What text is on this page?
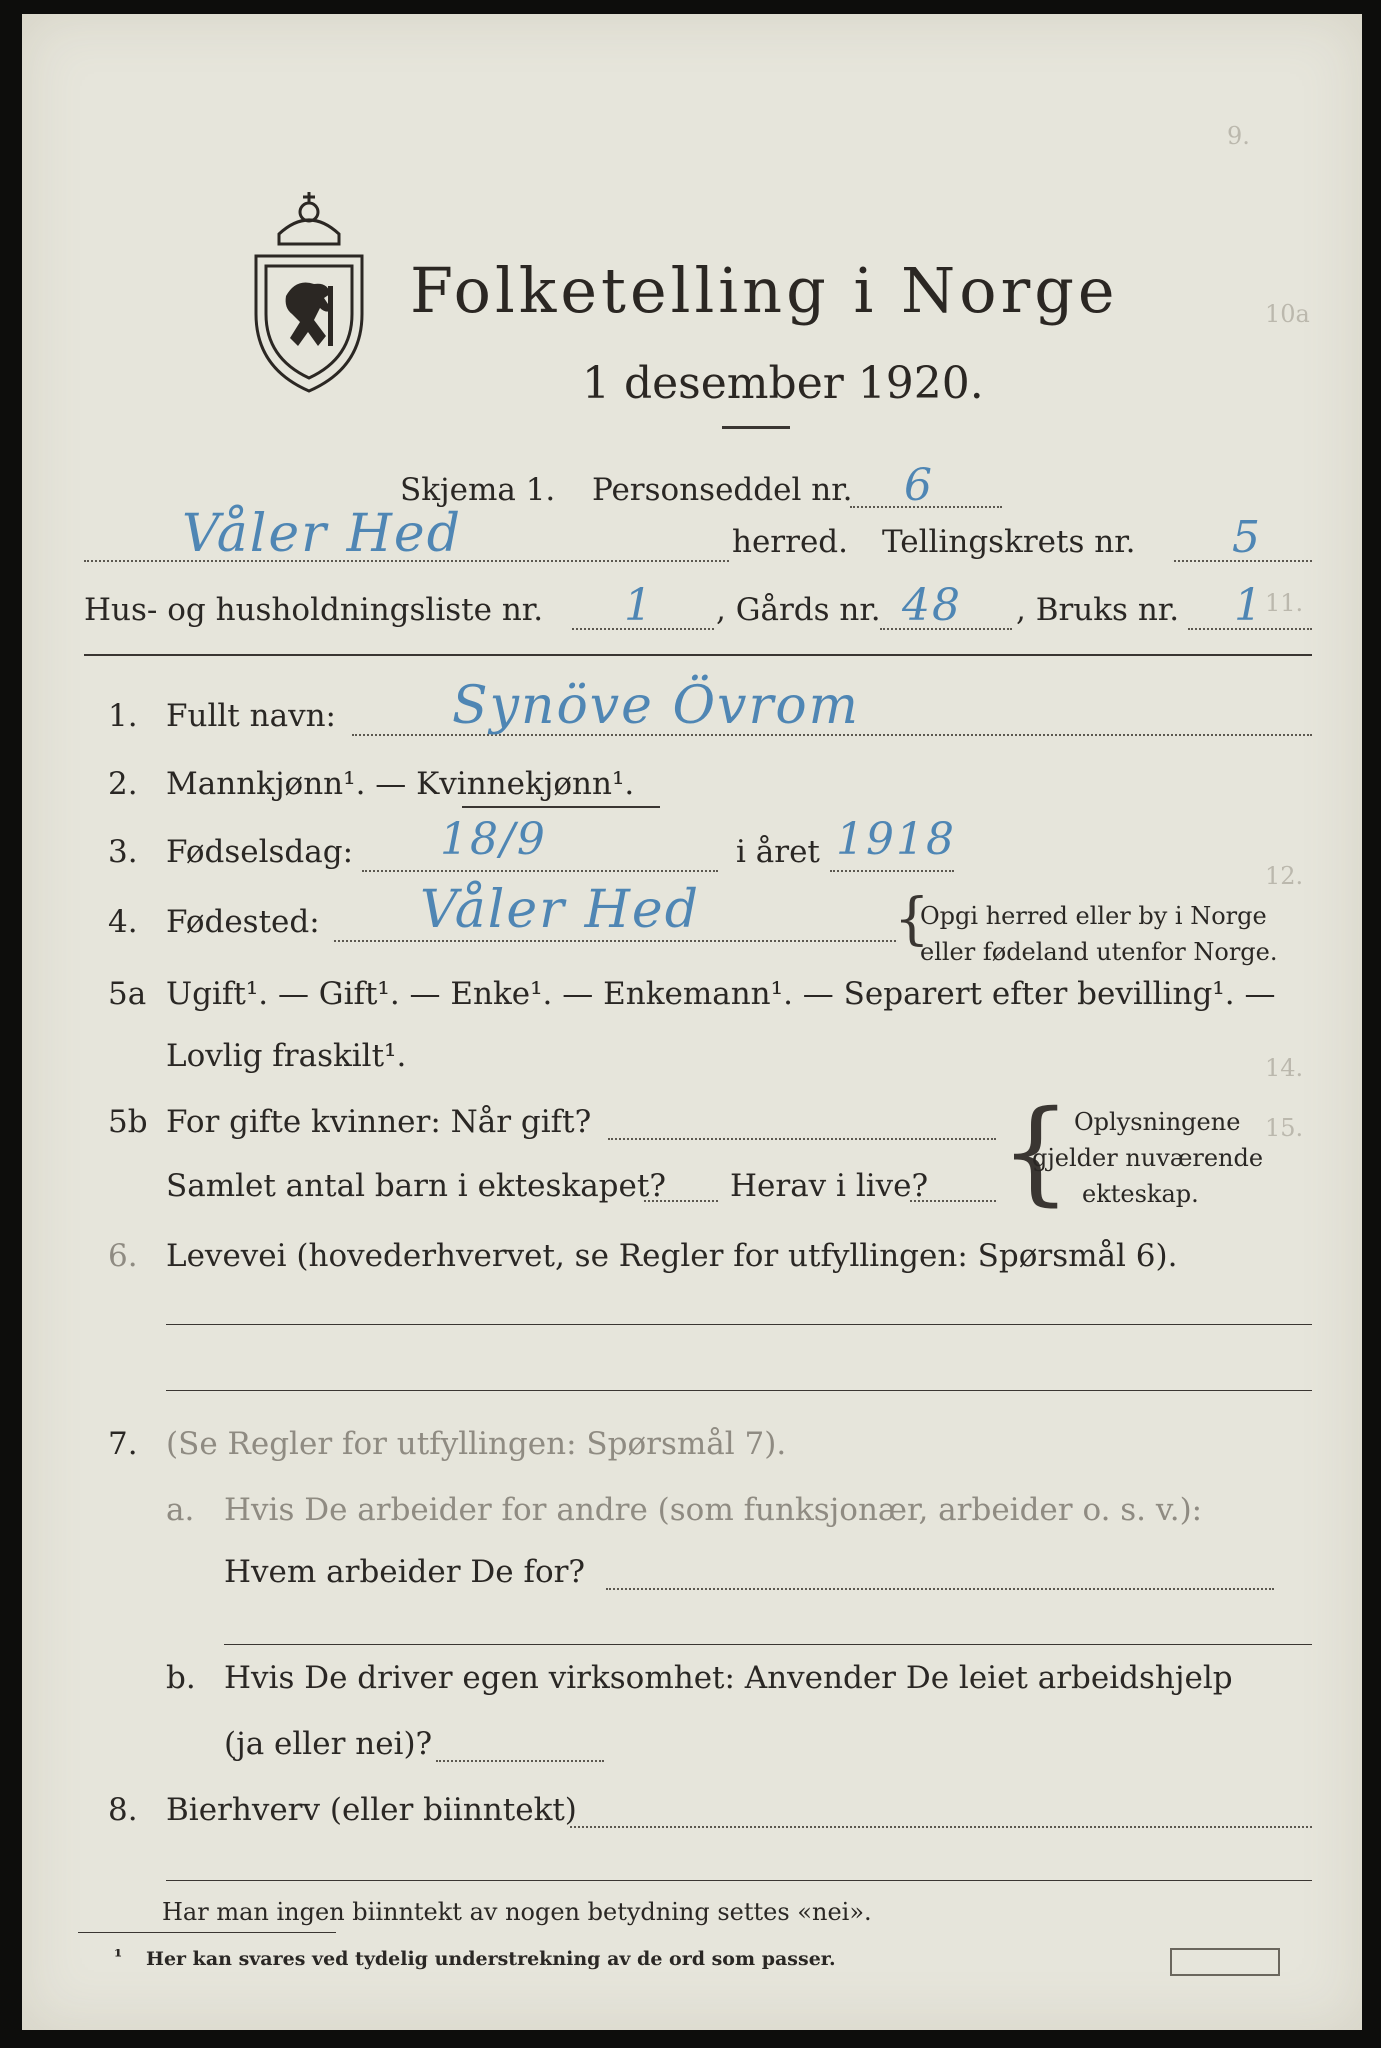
9.
10a
11.
12.
14.
15.
Folketelling i Norge
1 desember 1920.
Skjema 1. Personseddel nr. 6
Våler Hed	herred. Tellingskrets nr. 5
Hus- og husholdningsliste nr. 1 , Gårds nr. 48 , Bruks nr. 1
1. Fullt navn: Synöve Övrom
2. Mannkjønn¹. — Kvinnekjønn¹.
3. Fødselsdag: 18/9	i året 1918
4. Fødested: Våler Hed	{
Opgi herred eller by i Norge
eller fødeland utenfor Norge.
5a Ugift¹. — Gift¹. — Enke¹. — Enkemann¹. — Separert efter bevilling¹. —
Lovlig fraskilt¹.
5b For gifte kvinner: Når gift?
Samlet antal barn i ekteskapet? Herav i live? { Oplysningene
gjelder nuværende
ekteskap.
6. Levevei (hovederhvervet, se Regler for utfyllingen: Spørsmål 6).
7. (Se Regler for utfyllingen: Spørsmål 7).
a. Hvis De arbeider for andre (som funksjonær, arbeider o. s. v.):
Hvem arbeider De for?
b. Hvis De driver egen virksomhet: Anvender De leiet arbeidshjelp
(ja eller nei)?
8. Bierhverv (eller biinntekt)
Har man ingen biinntekt av nogen betydning settes «nei».
¹ Her kan svares ved tydelig understrekning av de ord som passer.
